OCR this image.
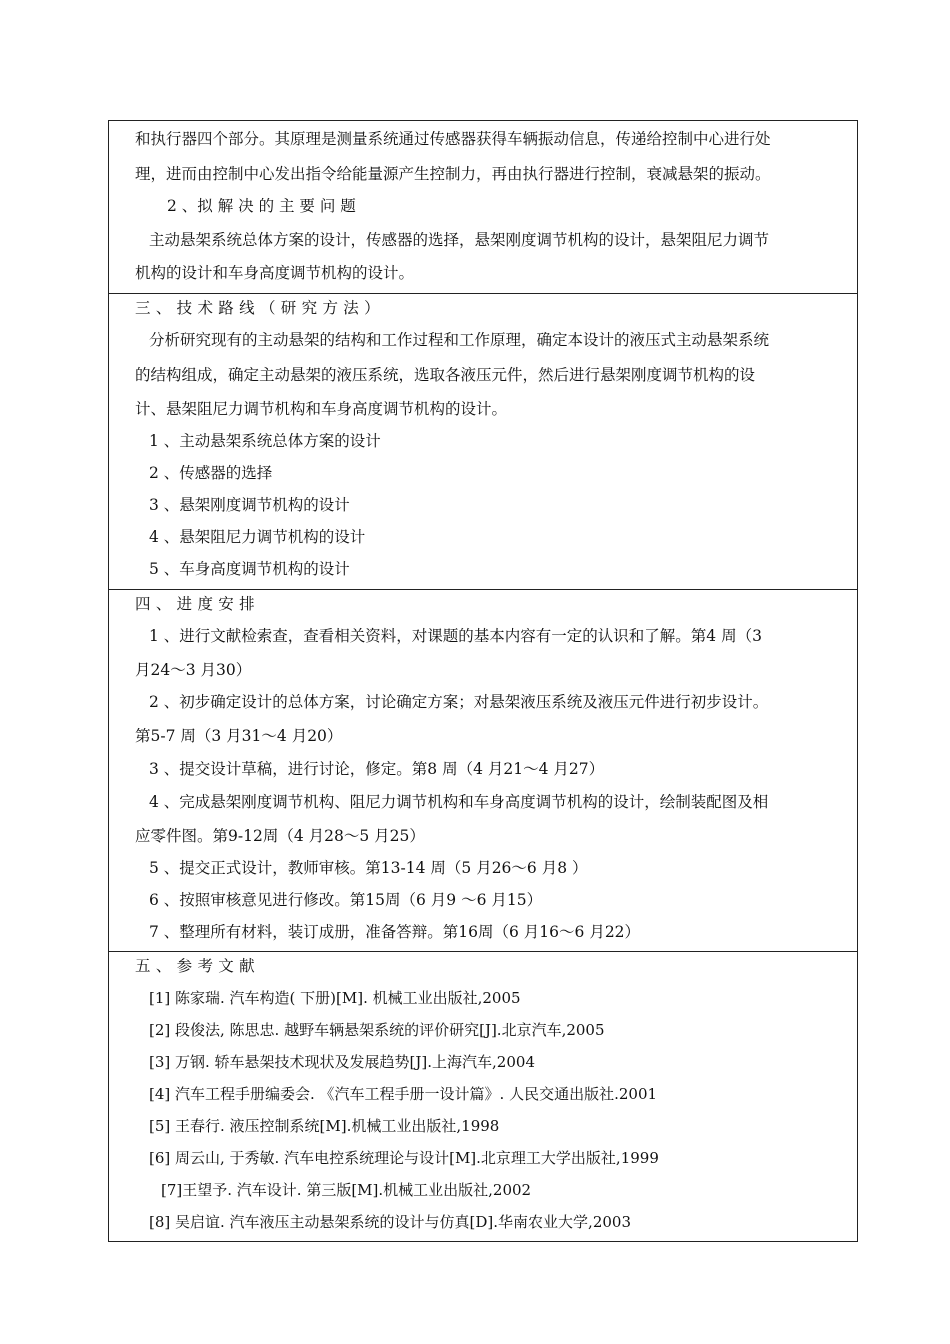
和执行器四个部分。其原理是测量系统通过传感器获得车辆振动信息，传递给控制中心进行处
理，进而由控制中心发出指令给能量源产生控制力，再由执行器进行控制，衰减悬架的振动。
2 、拟 解 决 的 主 要 问 题
主动悬架系统总体方案的设计，传感器的选择，悬架刚度调节机构的设计，悬架阻尼力调节
机构的设计和车身高度调节机构的设计。
三 、 技 术 路 线 （ 研 究 方 法 ）
分析研究现有的主动悬架的结构和工作过程和工作原理，确定本设计的液压式主动悬架系统
的结构组成，确定主动悬架的液压系统，选取各液压元件，然后进行悬架刚度调节机构的设
计、悬架阻尼力调节机构和车身高度调节机构的设计。
1 、主动悬架系统总体方案的设计
2 、传感器的选择
3 、悬架刚度调节机构的设计
4 、悬架阻尼力调节机构的设计
5 、车身高度调节机构的设计
四 、 进 度 安 排
1 、进行文献检索查，查看相关资料，对课题的基本内容有一定的认识和了解。第4 周（3
月24～3 月30）
2 、初步确定设计的总体方案，讨论确定方案；对悬架液压系统及液压元件进行初步设计。
第5-7 周（3 月31～4 月20）
3 、提交设计草稿，进行讨论，修定。第8 周（4 月21～4 月27）
4 、完成悬架刚度调节机构、阻尼力调节机构和车身高度调节机构的设计，绘制装配图及相
应零件图。第9-12周（4 月28～5 月25）
5 、提交正式设计，教师审核。第13-14 周（5 月26～6 月8 ）
6 、按照审核意见进行修改。第15周（6 月9 ～6 月15）
7 、整理所有材料，装订成册，准备答辩。第16周（6 月16～6 月22）
五 、 参 考 文 献
[1] 陈家瑞. 汽车构造( 下册)[M]. 机械工业出版社,2005
[2] 段俊法, 陈思忠. 越野车辆悬架系统的评价研究[J].北京汽车,2005
[3] 万钢. 轿车悬架技术现状及发展趋势[J].上海汽车,2004
[4] 汽车工程手册编委会. 《汽车工程手册一设计篇》. 人民交通出版社.2001
[5] 王春行. 液压控制系统[M].机械工业出版社,1998
[6] 周云山, 于秀敏. 汽车电控系统理论与设计[M].北京理工大学出版社,1999
[7]王望予. 汽车设计. 第三版[M].机械工业出版社,2002
[8] 吴启谊. 汽车液压主动悬架系统的设计与仿真[D].华南农业大学,2003
